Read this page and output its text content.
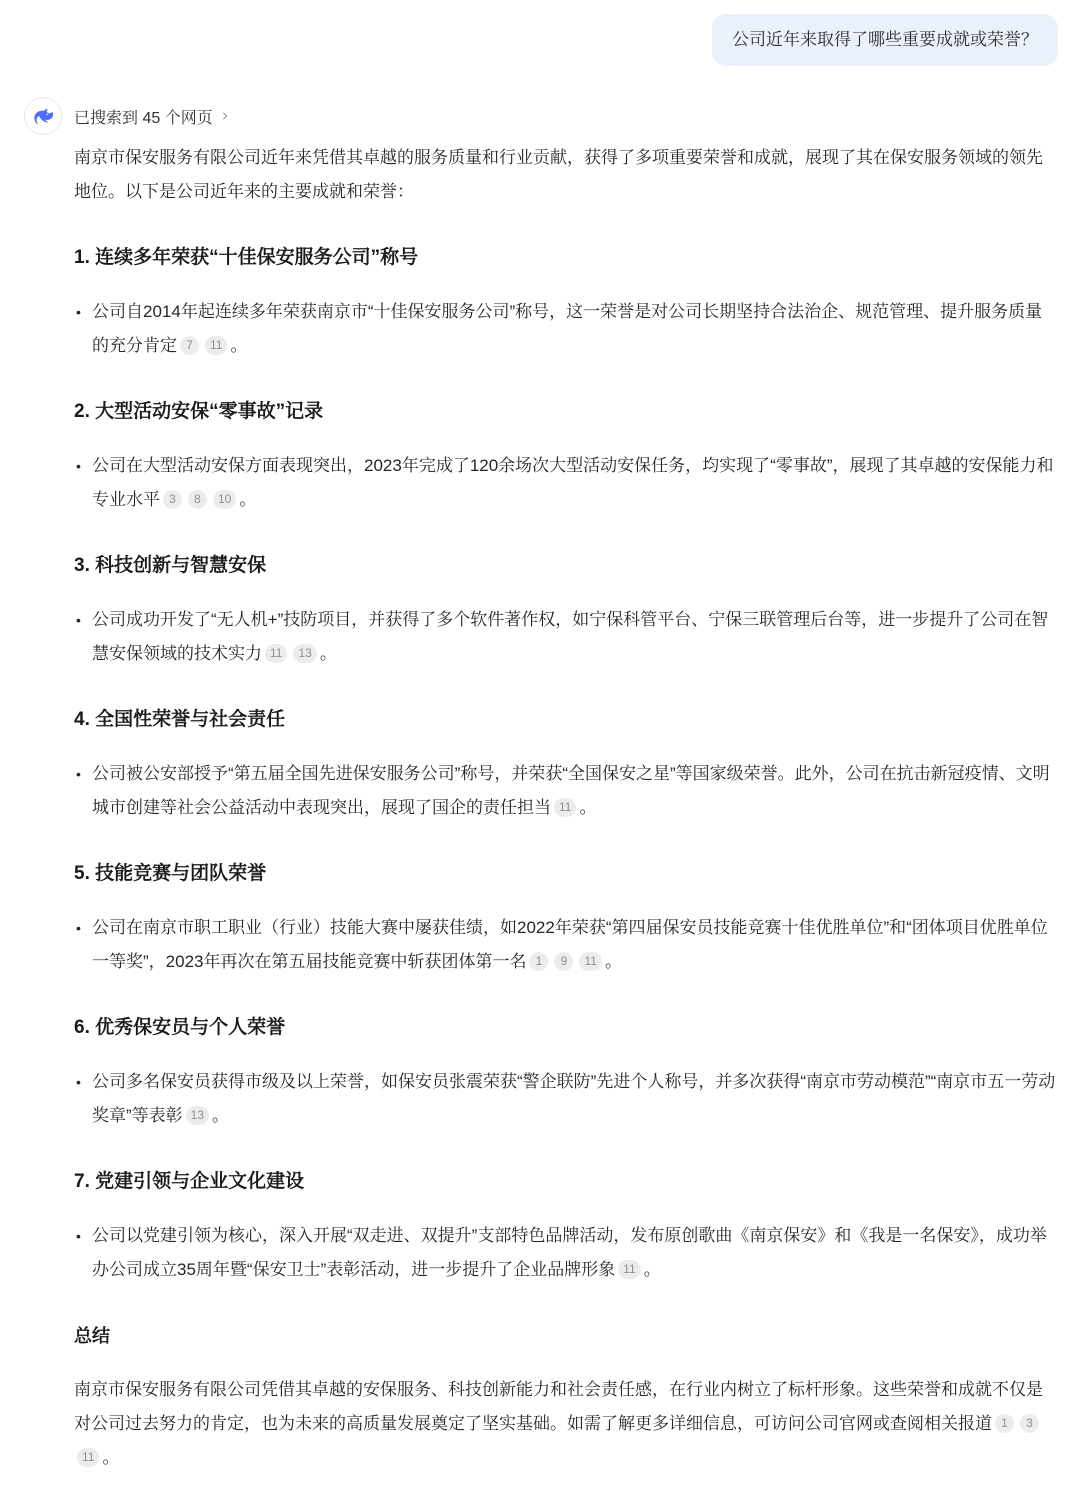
公司近年来取得了哪些重要成就或荣誉？
已搜索到 45 个网页 ›
南京市保安服务有限公司近年来凭借其卓越的服务质量和行业贡献，获得了多项重要荣誉和成就，展现了其在保安服务领域的领先地位。以下是公司近年来的主要成就和荣誉：
1. 连续多年荣获“十佳保安服务公司”称号
• 公司自2014年起连续多年荣获南京市“十佳保安服务公司”称号，这一荣誉是对公司长期坚持合法治企、规范管理、提升服务质量的充分肯定 7 11 。
2. 大型活动安保“零事故”记录
• 公司在大型活动安保方面表现突出，2023年完成了120余场次大型活动安保任务，均实现了“零事故”，展现了其卓越的安保能力和专业水平 3 8 10 。
3. 科技创新与智慧安保
• 公司成功开发了“无人机+”技防项目，并获得了多个软件著作权，如宁保科管平台、宁保三联管理后台等，进一步提升了公司在智慧安保领域的技术实力 11 13 。
4. 全国性荣誉与社会责任
• 公司被公安部授予“第五届全国先进保安服务公司”称号，并荣获“全国保安之星”等国家级荣誉。此外，公司在抗击新冠疫情、文明城市创建等社会公益活动中表现突出，展现了国企的责任担当 11 。
5. 技能竞赛与团队荣誉
• 公司在南京市职工职业（行业）技能大赛中屡获佳绩，如2022年荣获“第四届保安员技能竞赛十佳优胜单位”和“团体项目优胜单位一等奖”，2023年再次在第五届技能竞赛中斩获团体第一名 1 9 11 。
6. 优秀保安员与个人荣誉
• 公司多名保安员获得市级及以上荣誉，如保安员张震荣获“警企联防”先进个人称号，并多次获得“南京市劳动模范”“南京市五一劳动奖章”等表彰 13 。
7. 党建引领与企业文化建设
• 公司以党建引领为核心，深入开展“双走进、双提升”支部特色品牌活动，发布原创歌曲《南京保安》和《我是一名保安》，成功举办公司成立35周年暨“保安卫士”表彰活动，进一步提升了企业品牌形象 11 。
总结
南京市保安服务有限公司凭借其卓越的安保服务、科技创新能力和社会责任感，在行业内树立了标杆形象。这些荣誉和成就不仅是对公司过去努力的肯定，也为未来的高质量发展奠定了坚实基础。如需了解更多详细信息，可访问公司官网或查阅相关报道 1 311 。
